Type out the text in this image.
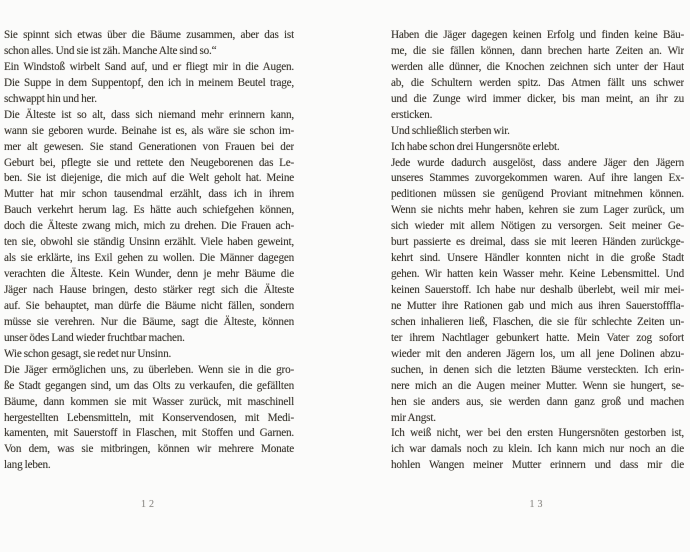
Sie spinnt sich etwas über die Bäume zusammen, aber das ist
schon alles. Und sie ist zäh. Manche Alte sind so.“
Ein Windstoß wirbelt Sand auf, und er fliegt mir in die Augen.
Die Suppe in dem Suppentopf, den ich in meinem Beutel trage,
schwappt hin und her.
Die Älteste ist so alt, dass sich niemand mehr erinnern kann,
wann sie geboren wurde. Beinahe ist es, als wäre sie schon im-
mer alt gewesen. Sie stand Generationen von Frauen bei der
Geburt bei, pflegte sie und rettete den Neugeborenen das Le-
ben. Sie ist diejenige, die mich auf die Welt geholt hat. Meine
Mutter hat mir schon tausendmal erzählt, dass ich in ihrem
Bauch verkehrt herum lag. Es hätte auch schiefgehen können,
doch die Älteste zwang mich, mich zu drehen. Die Frauen ach-
ten sie, obwohl sie ständig Unsinn erzählt. Viele haben geweint,
als sie erklärte, ins Exil gehen zu wollen. Die Männer dagegen
verachten die Älteste. Kein Wunder, denn je mehr Bäume die
Jäger nach Hause bringen, desto stärker regt sich die Älteste
auf. Sie behauptet, man dürfe die Bäume nicht fällen, sondern
müsse sie verehren. Nur die Bäume, sagt die Älteste, können
unser ödes Land wieder fruchtbar machen.
Wie schon gesagt, sie redet nur Unsinn.
Die Jäger ermöglichen uns, zu überleben. Wenn sie in die gro-
ße Stadt gegangen sind, um das Olts zu verkaufen, die gefällten
Bäume, dann kommen sie mit Wasser zurück, mit maschinell
hergestellten Lebensmitteln, mit Konservendosen, mit Medi-
kamenten, mit Sauerstoff in Flaschen, mit Stoffen und Garnen.
Von dem, was sie mitbringen, können wir mehrere Monate
lang leben.
12
Haben die Jäger dagegen keinen Erfolg und finden keine Bäu-
me, die sie fällen können, dann brechen harte Zeiten an. Wir
werden alle dünner, die Knochen zeichnen sich unter der Haut
ab, die Schultern werden spitz. Das Atmen fällt uns schwer
und die Zunge wird immer dicker, bis man meint, an ihr zu
ersticken.
Und schließlich sterben wir.
Ich habe schon drei Hungersnöte erlebt.
Jede wurde dadurch ausgelöst, dass andere Jäger den Jägern
unseres Stammes zuvorgekommen waren. Auf ihre langen Ex-
peditionen müssen sie genügend Proviant mitnehmen können.
Wenn sie nichts mehr haben, kehren sie zum Lager zurück, um
sich wieder mit allem Nötigen zu versorgen. Seit meiner Ge-
burt passierte es dreimal, dass sie mit leeren Händen zurückge-
kehrt sind. Unsere Händler konnten nicht in die große Stadt
gehen. Wir hatten kein Wasser mehr. Keine Lebensmittel. Und
keinen Sauerstoff. Ich habe nur deshalb überlebt, weil mir mei-
ne Mutter ihre Rationen gab und mich aus ihren Sauerstofffla-
schen inhalieren ließ, Flaschen, die sie für schlechte Zeiten un-
ter ihrem Nachtlager gebunkert hatte. Mein Vater zog sofort
wieder mit den anderen Jägern los, um all jene Dolinen abzu-
suchen, in denen sich die letzten Bäume versteckten. Ich erin-
nere mich an die Augen meiner Mutter. Wenn sie hungert, se-
hen sie anders aus, sie werden dann ganz groß und machen
mir Angst.
Ich weiß nicht, wer bei den ersten Hungersnöten gestorben ist,
ich war damals noch zu klein. Ich kann mich nur noch an die
hohlen Wangen meiner Mutter erinnern und dass mir die
13
